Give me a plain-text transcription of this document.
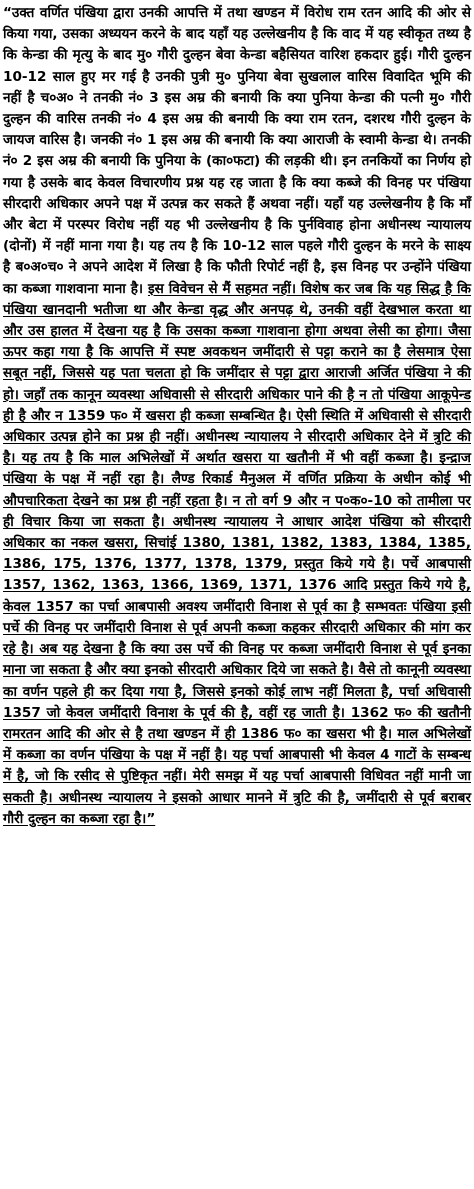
“उक्त वर्णित पंखिया द्वारा उनकी आपत्ति में तथा खण्डन में विरोध राम रतन आदि की ओर से किया गया, उसका अध्ययन करने के बाद यहाँ यह उल्लेखनीय है कि वाद में यह स्वीकृत तथ्य है कि केन्डा की मृत्यु के बाद मु० गौरी दुल्हन बेवा केन्डा बहैसियत वारिश हकदार हुई। गौरी दुल्हन 10-12 साल हुए मर गई है उनकी पुत्री मु० पुनिया बेवा सुखलाल वारिस विवादित भूमि की नहीं है च०अ० ने तनकी नं० 3 इस अम्र की बनायी कि क्या पुनिया केन्डा की पत्नी मु० गौरी दुल्हन की वारिस तनकी नं० 4 इस अम्र की बनायी कि क्या राम रतन, दशरथ गौरी दुल्हन के जायज वारिस है। जनकी नं० 1 इस अम्र की बनायी कि क्या आराजी के स्वामी केन्डा थे। तनकी नं० 2 इस अम्र की बनायी कि पुनिया के (का०फटा) की लड़की थी। इन तनकियों का निर्णय हो गया है उसके बाद केवल विचारणीय प्रश्न यह रह जाता है कि क्या कब्जे की विनह पर पंखिया सीरदारी अधिकार अपने पक्ष में उत्पन्न कर सकते हैं अथवा नहीं। यहाँ यह उल्लेखनीय है कि माँ और बेटा में परस्पर विरोध नहीं यह भी उल्लेखनीय है कि पुर्नविवाह होना अधीनस्थ न्यायालय (दोनों) में नहीं माना गया है। यह तय है कि 10-12 साल पहले गौरी दुल्हन के मरने के साक्ष्य है ब०अ०च० ने अपने आदेश में लिखा है कि फौती रिपोर्ट नहीं है, इस विनह पर उन्होंने पंखिया का कब्जा गाशवाना माना है। इस विवेचन से मैं सहमत नहीं। विशेष कर जब कि यह सिद्ध है कि पंखिया खानदानी भतीजा था और केन्डा वृद्ध और अनपढ़ थे, उनकी वहीं देखभाल करता था और उस हालत में देखना यह है कि उसका कब्जा गाशवाना होगा अथवा लेसी का होगा। जैसा ऊपर कहा गया है कि आपत्ति में स्पष्ट अवकथन जमींदारी से पट्टा कराने का है लेसमात्र ऐसा सबूत नहीं, जिससे यह पता चलता हो कि जमींदार से पट्टा द्वारा आराजी अर्जित पंखिया ने की हो। जहाँ तक कानून व्यवस्था अधिवासी से सीरदारी अधिकार पाने की है न तो पंखिया आकूपेन्ड ही है और न 1359 फ० में खसरा ही कब्जा सम्बन्धित है। ऐसी स्थिति में अधिवासी से सीरदारी अधिकार उत्पन्न होने का प्रश्न ही नहीं। अधीनस्थ न्यायालय ने सीरदारी अधिकार देने में त्रुटि की है। यह तय है कि माल अभिलेखों में अर्थात खसरा या खतौनी में भी वहीं कब्जा है। इन्द्राज पंखिया के पक्ष में नहीं रहा है। लैण्ड रिकार्ड मैनुअल में वर्णित प्रक्रिया के अधीन कोई भी औपचारिकता देखने का प्रश्न ही नहीं रहता है। न तो वर्ग 9 और न प०क०-10 को तामीला पर ही विचार किया जा सकता है। अधीनस्थ न्यायालय ने आधार आदेश पंखिया को सीरदारी अधिकार का नकल खसरा, सिचांई 1380, 1381, 1382, 1383, 1384, 1385, 1386, 175, 1376, 1377, 1378, 1379, प्रस्तुत किये गये है। पर्चे आबपासी 1357, 1362, 1363, 1366, 1369, 1371, 1376 आदि प्रस्तुत किये गये है, केवल 1357 का पर्चा आबपासी अवश्य जमींदारी विनाश से पूर्व का है सम्भवतः पंखिया इसी पर्चे की विनह पर जमींदारी विनाश से पूर्व अपनी कब्जा कहकर सीरदारी अधिकार की मांग कर रहे है। अब यह देखना है कि क्या उस पर्चे की विनह पर कब्जा जमींदारी विनाश से पूर्व इनका माना जा सकता है और क्या इनको सीरदारी अधिकार दिये जा सकते है। वैसे तो कानूनी व्यवस्था का वर्णन पहले ही कर दिया गया है, जिससे इनको कोई लाभ नहीं मिलता है, पर्चा अधिवासी 1357 जो केवल जमींदारी विनाश के पूर्व की है, वहीं रह जाती है। 1362 फ० की खतौनी रामरतन आदि की ओर से है तथा खण्डन में ही 1386 फ० का खसरा भी है। माल अभिलेखों में कब्जा का वर्णन पंखिया के पक्ष में नहीं है। यह पर्चा आबपासी भी केवल 4 गाटों के सम्बन्ध में है, जो कि रसीद से पुष्टिकृत नहीं। मेरी समझ में यह पर्चा आबपासी विधिवत नहीं मानी जा सकती है। अधीनस्थ न्यायालय ने इसको आधार मानने में त्रुटि की है, जमींदारी से पूर्व बराबर गौरी दुल्हन का कब्जा रहा है।”
